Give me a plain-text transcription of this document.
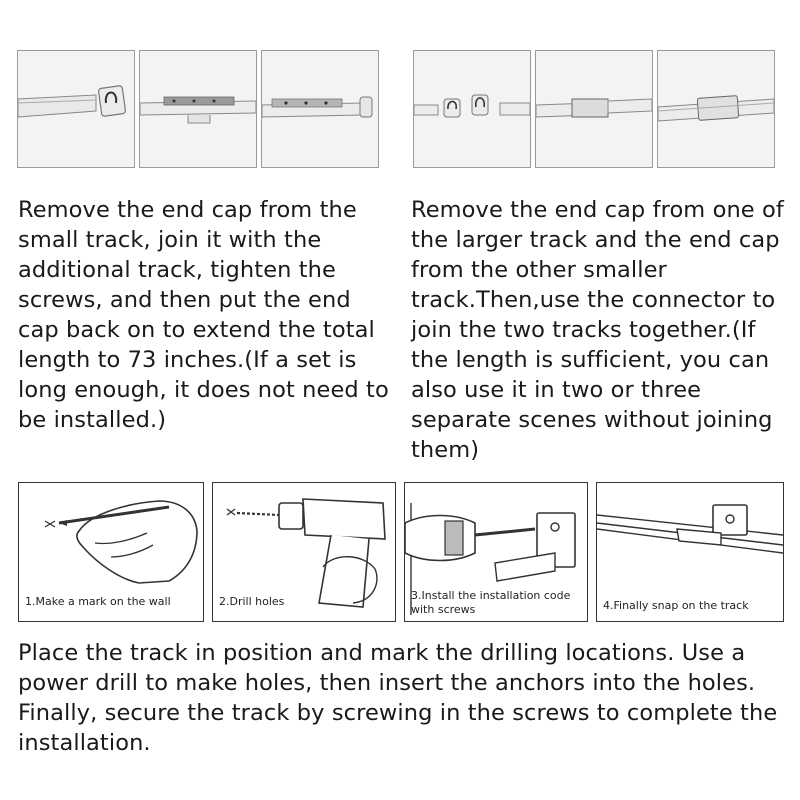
Remove the end cap from the small track, join it with the additional track, tighten the screws, and then put the end cap back on to extend the total length to 73 inches.(If a set is long enough, it does not need to be installed.)

Remove the end cap from one of the larger track and the end cap from the other smaller track.Then,use the connector to join the two tracks together.(If the length is sufficient, you can also use it in two or three separate scenes without joining them)

1.Make a mark on the wall	2.Drill holes	3.Install the installation code with screws	4.Finally snap on the track

Place the track in position and mark the drilling locations. Use a power drill to make holes, then insert the anchors into the holes. Finally, secure the track by screwing in the screws to complete the installation.
